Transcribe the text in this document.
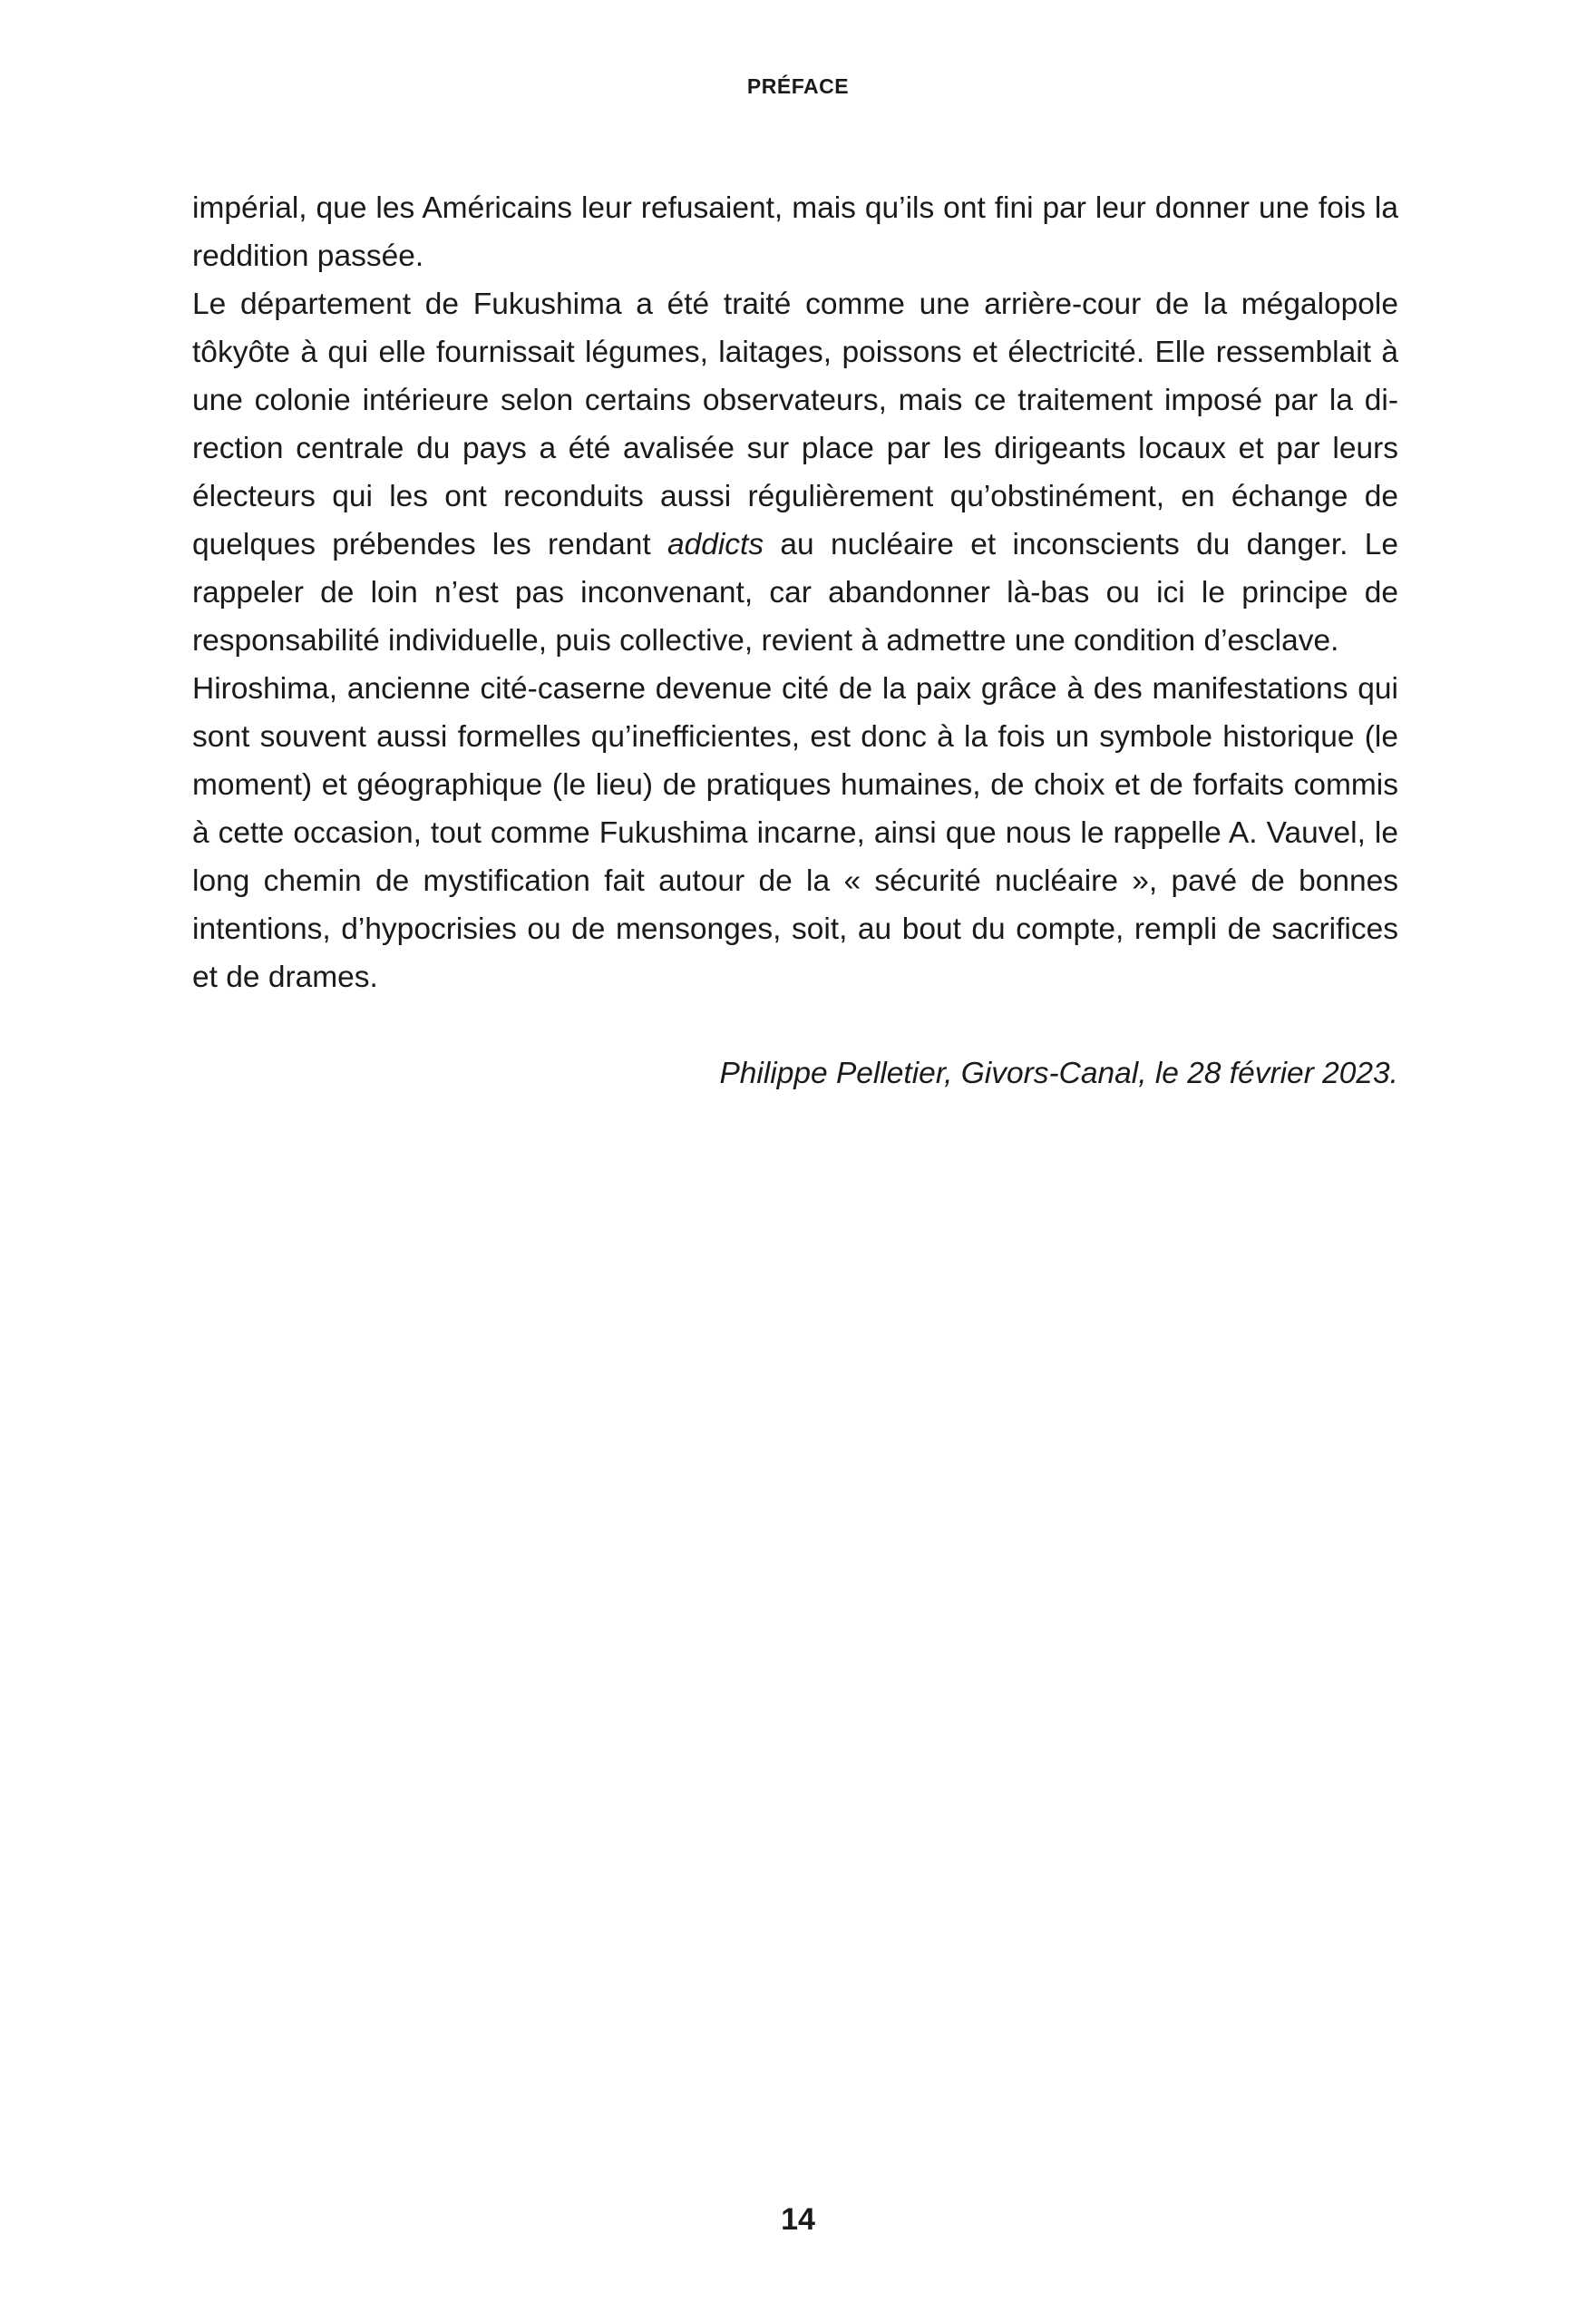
PRÉFACE

impérial, que les Américains leur refusaient, mais qu’ils ont fini par leur donner une fois la reddition passée.

Le département de Fukushima a été traité comme une arrière-cour de la mégalopole tôkyôte à qui elle fournissait légumes, laitages, poissons et électricité. Elle ressemblait à une colonie intérieure selon certains observateurs, mais ce traitement imposé par la direction centrale du pays a été avalisée sur place par les dirigeants locaux et par leurs électeurs qui les ont reconduits aussi régulièrement qu’obstinément, en échange de quelques prébendes les rendant addicts au nucléaire et inconscients du danger. Le rappeler de loin n’est pas inconvenant, car abandonner là-bas ou ici le principe de responsabilité individuelle, puis collective, revient à admettre une condition d’esclave.

Hiroshima, ancienne cité-caserne devenue cité de la paix grâce à des manifestations qui sont souvent aussi formelles qu’inefficientes, est donc à la fois un symbole historique (le moment) et géographique (le lieu) de pratiques humaines, de choix et de forfaits commis à cette occasion, tout comme Fukushima incarne, ainsi que nous le rappelle A. Vauvel, le long chemin de mystification fait autour de la « sécurité nucléaire », pavé de bonnes intentions, d’hypocrisies ou de mensonges, soit, au bout du compte, rempli de sacrifices et de drames.

Philippe Pelletier, Givors-Canal, le 28 février 2023.

14
